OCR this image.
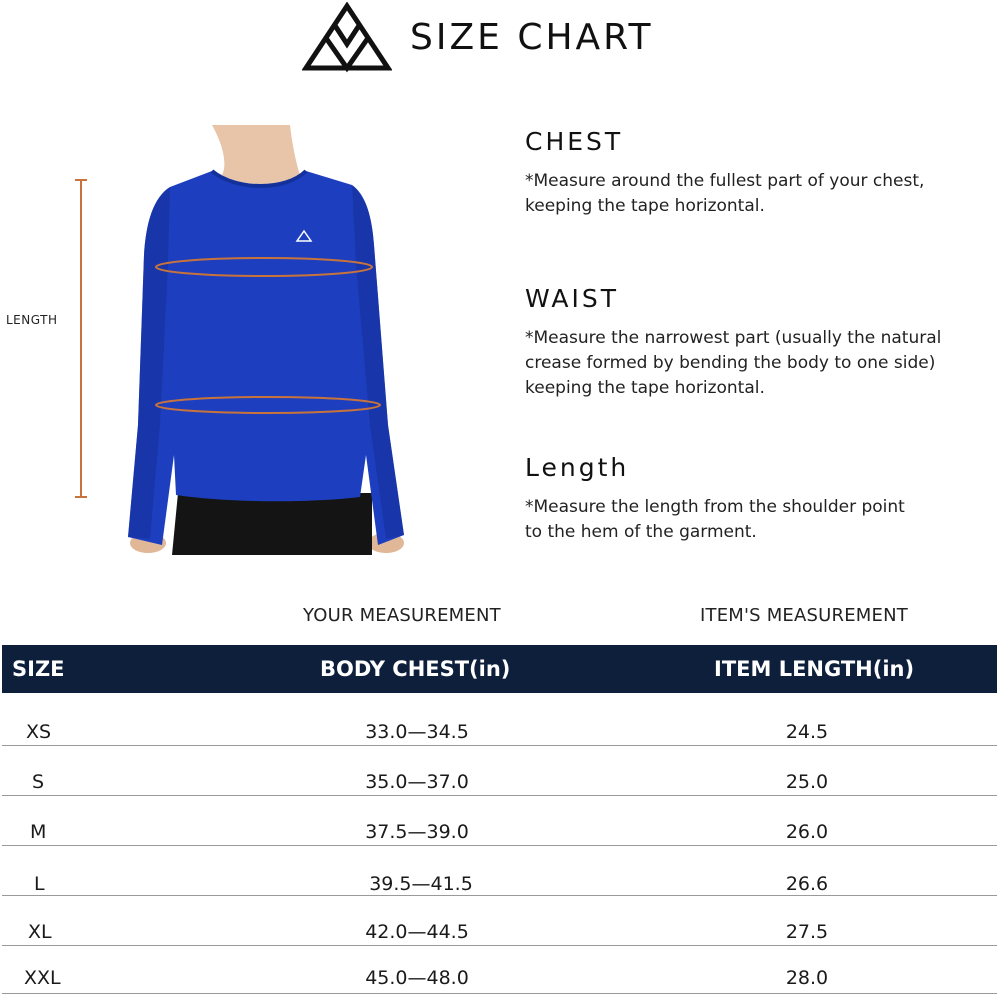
SIZE CHART
LENGTH
CHEST
*Measure around the fullest part of your chest,
keeping the tape horizontal.
WAIST
*Measure the narrowest part (usually the natural
crease formed by bending the body to one side)
keeping the tape horizontal.
Length
*Measure the length from the shoulder point
to the hem of the garment.
YOUR MEASUREMENT	ITEM'S MEASUREMENT
SIZE	BODY CHEST(in)	ITEM LENGTH(in)
XS	33.0—34.5	24.5
S	35.0—37.0	25.0
M	37.5—39.0	26.0
L	39.5—41.5	26.6
XL	42.0—44.5	27.5
XXL	45.0—48.0	28.0
